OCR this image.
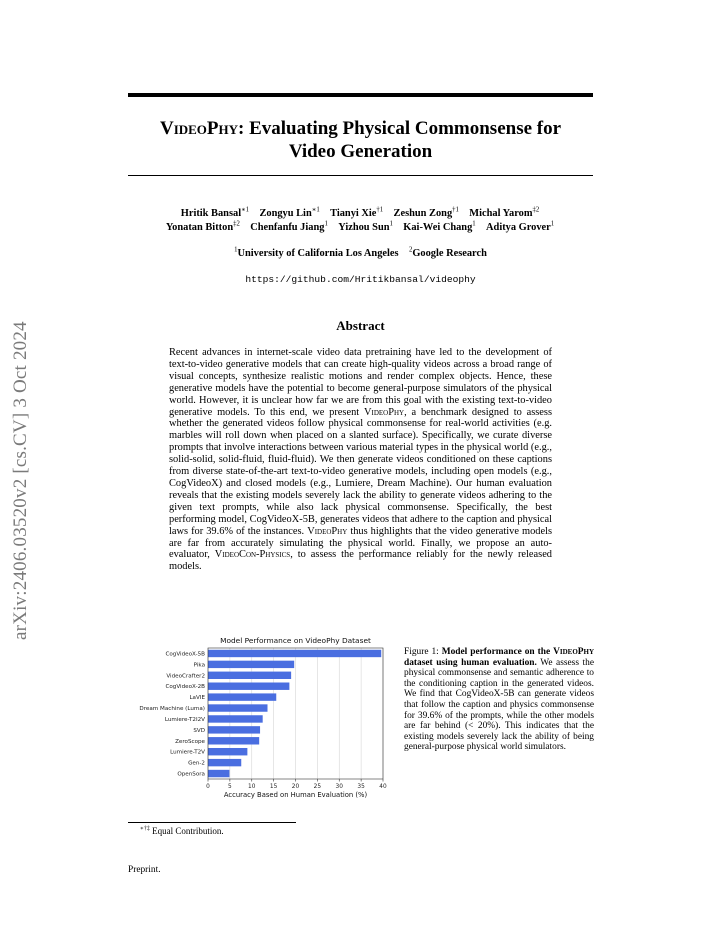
arXiv:2406.03520v2 [cs.CV] 3 Oct 2024
VideoPhy: Evaluating Physical Commonsense for
Video Generation
Hritik Bansal$^{∗1}$  Zongyu Lin$^{∗1}$  Tianyi Xie$^{\dagger 1}$  Zeshun Zong$^{\dagger 1}$  Michal Yarom$^{\ddagger 2}$
Yonatan Bitton$^{\ddagger 2}$  Chenfanfu Jiang$^1$  Yizhou Sun$^1$  Kai-Wei Chang$^1$  Aditya Grover$^1$
$^1$University of California Los Angeles  $^2$Google Research
https://github.com/Hritikbansal/videophy
Abstract
Recent advances in internet-scale video data pretraining have led to the development of text-to-video generative models that can create high-quality videos across a broad range of visual concepts, synthesize realistic motions and render complex objects. Hence, these generative models have the potential to become general-purpose simulators of the physical world. However, it is unclear how far we are from this goal with the existing text-to-video generative models. To this end, we present VideoPhy, a benchmark designed to assess whether the generated videos follow physical commonsense for real-world activities (e.g. marbles will roll down when placed on a slanted surface). Specifically, we curate diverse prompts that involve interactions between various material types in the physical world (e.g., solid-solid, solid-fluid, fluid-fluid). We then generate videos conditioned on these captions from diverse state-of-the-art text-to-video generative models, including open models (e.g., CogVideoX) and closed models (e.g., Lumiere, Dream Machine). Our human evaluation reveals that the existing models severely lack the ability to generate videos adhering to the given text prompts, while also lack physical commonsense. Specifically, the best performing model, CogVideoX-5B, generates videos that adhere to the caption and physical laws for 39.6% of the instances. VideoPhy thus highlights that the video generative models are far from accurately simulating the physical world. Finally, we propose an auto-evaluator, VideoCon-Physics, to assess the performance reliably for the newly released models.
CogVideoX-5B
Pika
VideoCrafter2
CogVideoX-2B
LaVIE
Dream Machine (Luma)
Lumiere-T2I2V
SVD
ZeroScope
Lumiere-T2V
Gen-2
OpenSora
0	5	10 15 20 25 30 35 40
Accuracy Based on Human Evaluation (%)
Model Performance on VideoPhy Dataset
Figure 1: Model performance on the VideoPhy dataset using human evaluation. We assess the physical commonsense and semantic adherence to the conditioning caption in the generated videos. We find that CogVideoX-5B can generate videos that follow the caption and physics commonsense for 39.6% of the prompts, while the other models are far behind (< 20%). This indicates that the existing models severely lack the ability of being general-purpose physical world simulators.
∗†‡ Equal Contribution.
Preprint.
